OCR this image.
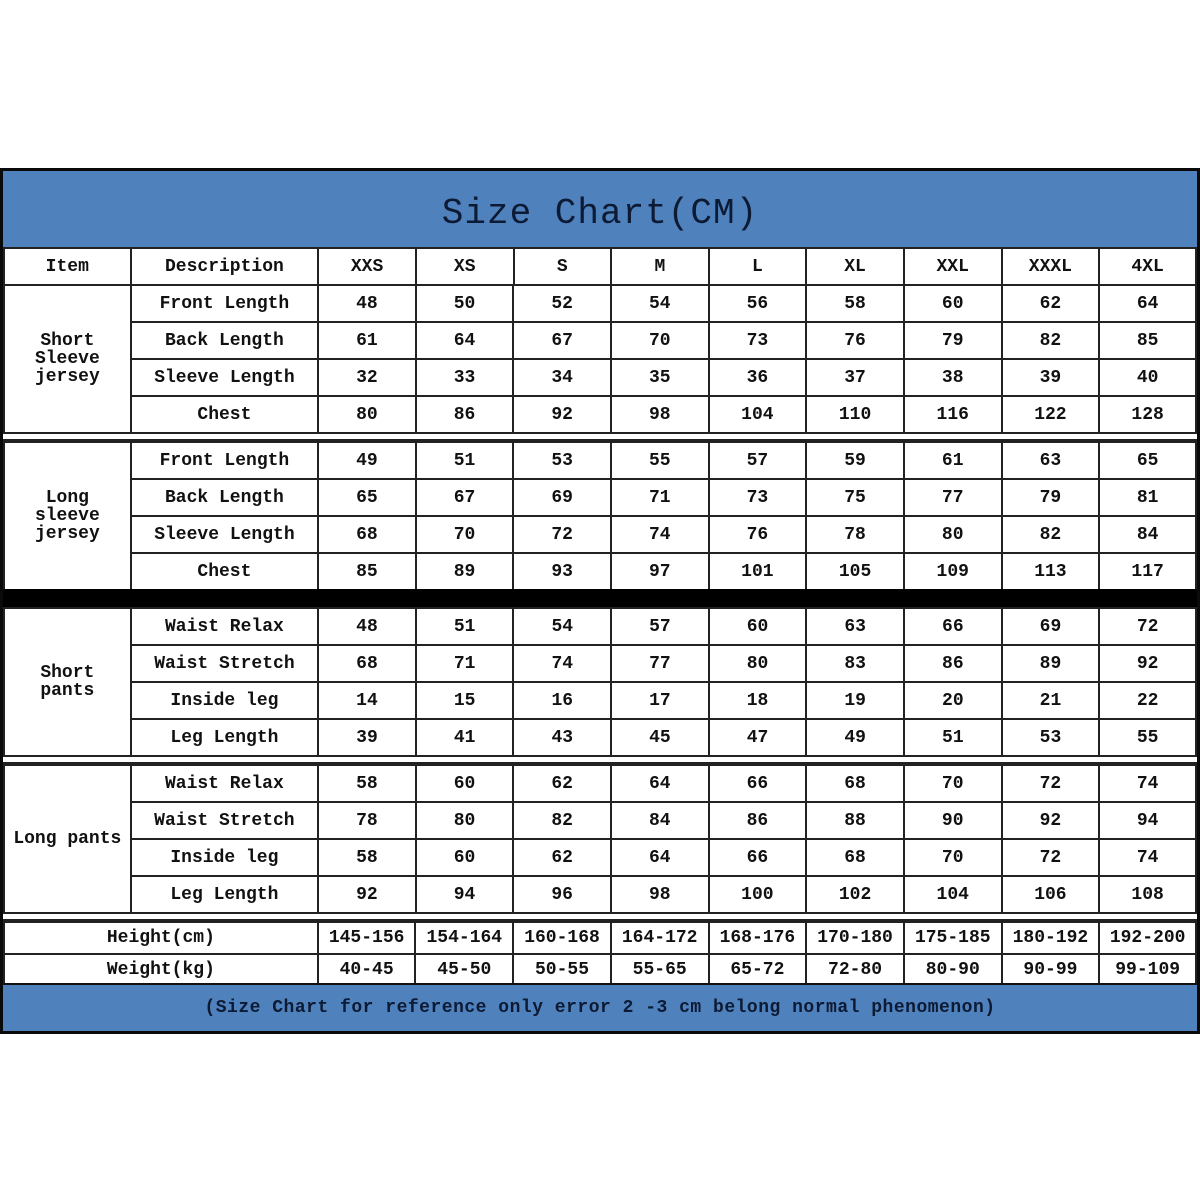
Size Chart(CM)
Item	Description	XXS	XS	S	M	L	XL	XXL	XXXL	4XL
Short Sleeve jersey	Front Length	48	50	52	54	56	58	60	62	64
	Back Length	61	64	67	70	73	76	79	82	85
	Sleeve Length	32	33	34	35	36	37	38	39	40
	Chest	80	86	92	98	104	110	116	122	128
Long sleeve jersey	Front Length	49	51	53	55	57	59	61	63	65
	Back Length	65	67	69	71	73	75	77	79	81
	Sleeve Length	68	70	72	74	76	78	80	82	84
	Chest	85	89	93	97	101	105	109	113	117
Short pants	Waist Relax	48	51	54	57	60	63	66	69	72
	Waist Stretch	68	71	74	77	80	83	86	89	92
	Inside leg	14	15	16	17	18	19	20	21	22
	Leg Length	39	41	43	45	47	49	51	53	55
Long pants	Waist Relax	58	60	62	64	66	68	70	72	74
	Waist Stretch	78	80	82	84	86	88	90	92	94
	Inside leg	58	60	62	64	66	68	70	72	74
	Leg Length	92	94	96	98	100	102	104	106	108
Height(cm)	145-156	154-164	160-168	164-172	168-176	170-180	175-185	180-192	192-200
Weight(kg)	40-45	45-50	50-55	55-65	65-72	72-80	80-90	90-99	99-109
(Size Chart for reference only error 2 -3 cm belong normal phenomenon)
